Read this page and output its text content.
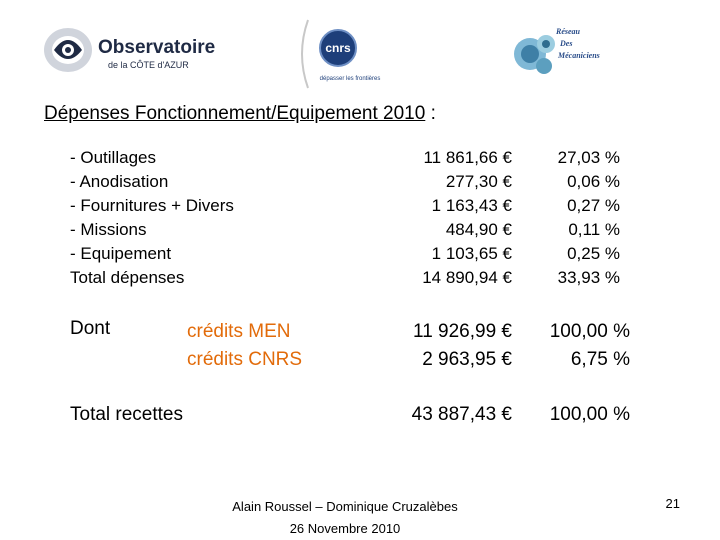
Observatoire
de la CÔTE d'AZUR
cnrs
dépasser les frontières
Réseau
Des
Mécaniciens
Dépenses Fonctionnement/Equipement 2010 :
- Outillages
- Anodisation
- Fournitures + Divers
- Missions
- Equipement
Total dépenses
11 861,66 €
277,30 €
1 163,43 €
484,90 €
1 103,65 €
14 890,94 €
27,03 %
0,06 %
0,27 %
0,11 %
0,25 %
33,93 %
Dont	crédits MEN
crédits CNRS
11 926,99 €
2 963,95 €
100,00 %
6,75 %
Total recettes	43 887,43 € 100,00 %
Alain Roussel – Dominique Cruzalèbes
26 Novembre 2010
21
